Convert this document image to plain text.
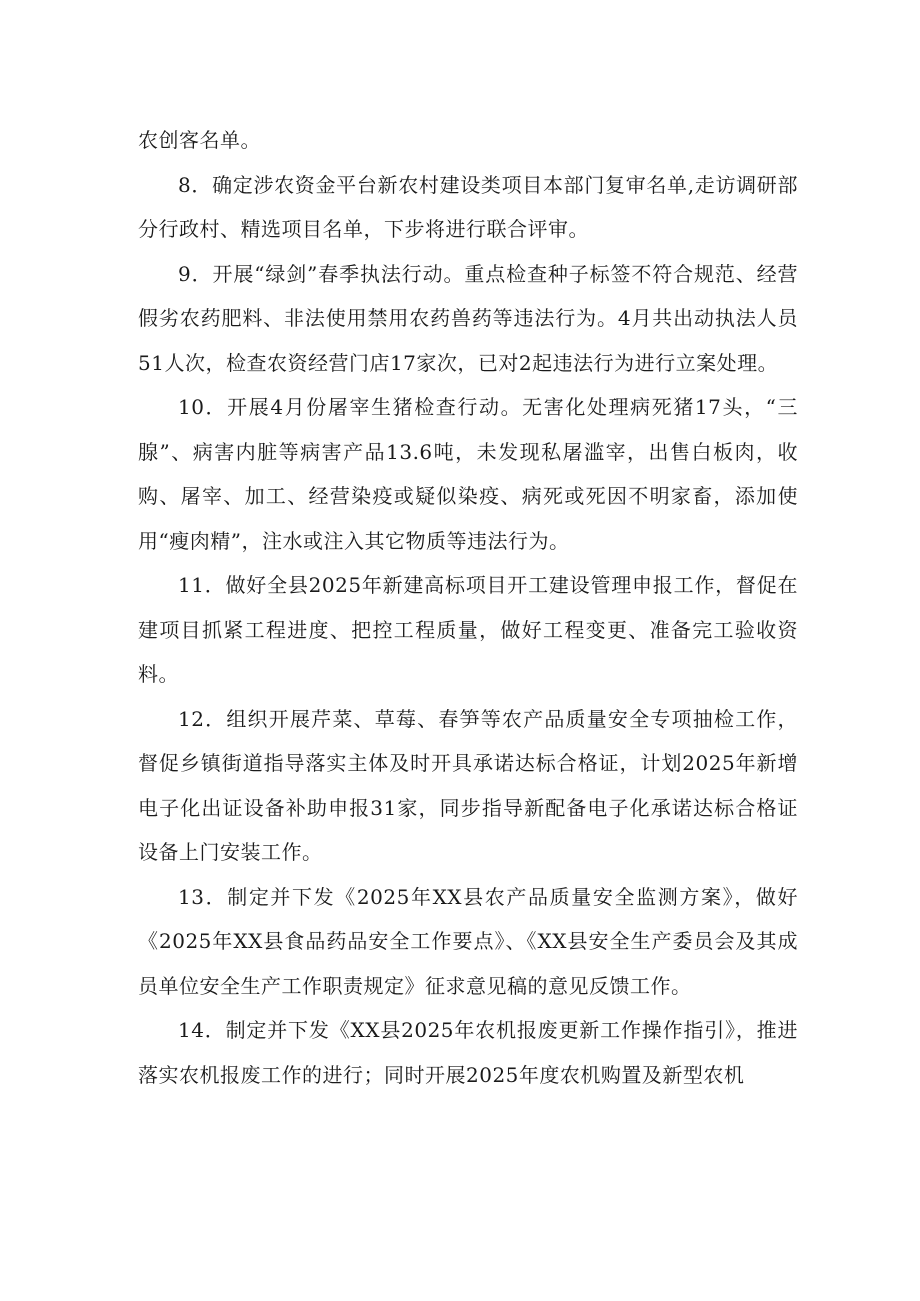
农创客名单。

8．确定涉农资金平台新农村建设类项目本部门复审名单,走访调研部分行政村、精选项目名单，下步将进行联合评审。

9．开展“绿剑”春季执法行动。重点检查种子标签不符合规范、经营假劣农药肥料、非法使用禁用农药兽药等违法行为。4月共出动执法人员51人次，检查农资经营门店17家次，已对2起违法行为进行立案处理。

10．开展4月份屠宰生猪检查行动。无害化处理病死猪17头，“三腺”、病害内脏等病害产品13.6吨，未发现私屠滥宰，出售白板肉，收购、屠宰、加工、经营染疫或疑似染疫、病死或死因不明家畜，添加使用“瘦肉精”，注水或注入其它物质等违法行为。

11．做好全县2025年新建高标项目开工建设管理申报工作，督促在建项目抓紧工程进度、把控工程质量，做好工程变更、准备完工验收资料。

12．组织开展芹菜、草莓、春笋等农产品质量安全专项抽检工作，督促乡镇街道指导落实主体及时开具承诺达标合格证，计划2025年新增电子化出证设备补助申报31家，同步指导新配备电子化承诺达标合格证设备上门安装工作。

13．制定并下发《2025年XX县农产品质量安全监测方案》，做好《2025年XX县食品药品安全工作要点》、《XX县安全生产委员会及其成员单位安全生产工作职责规定》征求意见稿的意见反馈工作。

14．制定并下发《XX县2025年农机报废更新工作操作指引》，推进落实农机报废工作的进行；同时开展2025年度农机购置及新型农机
